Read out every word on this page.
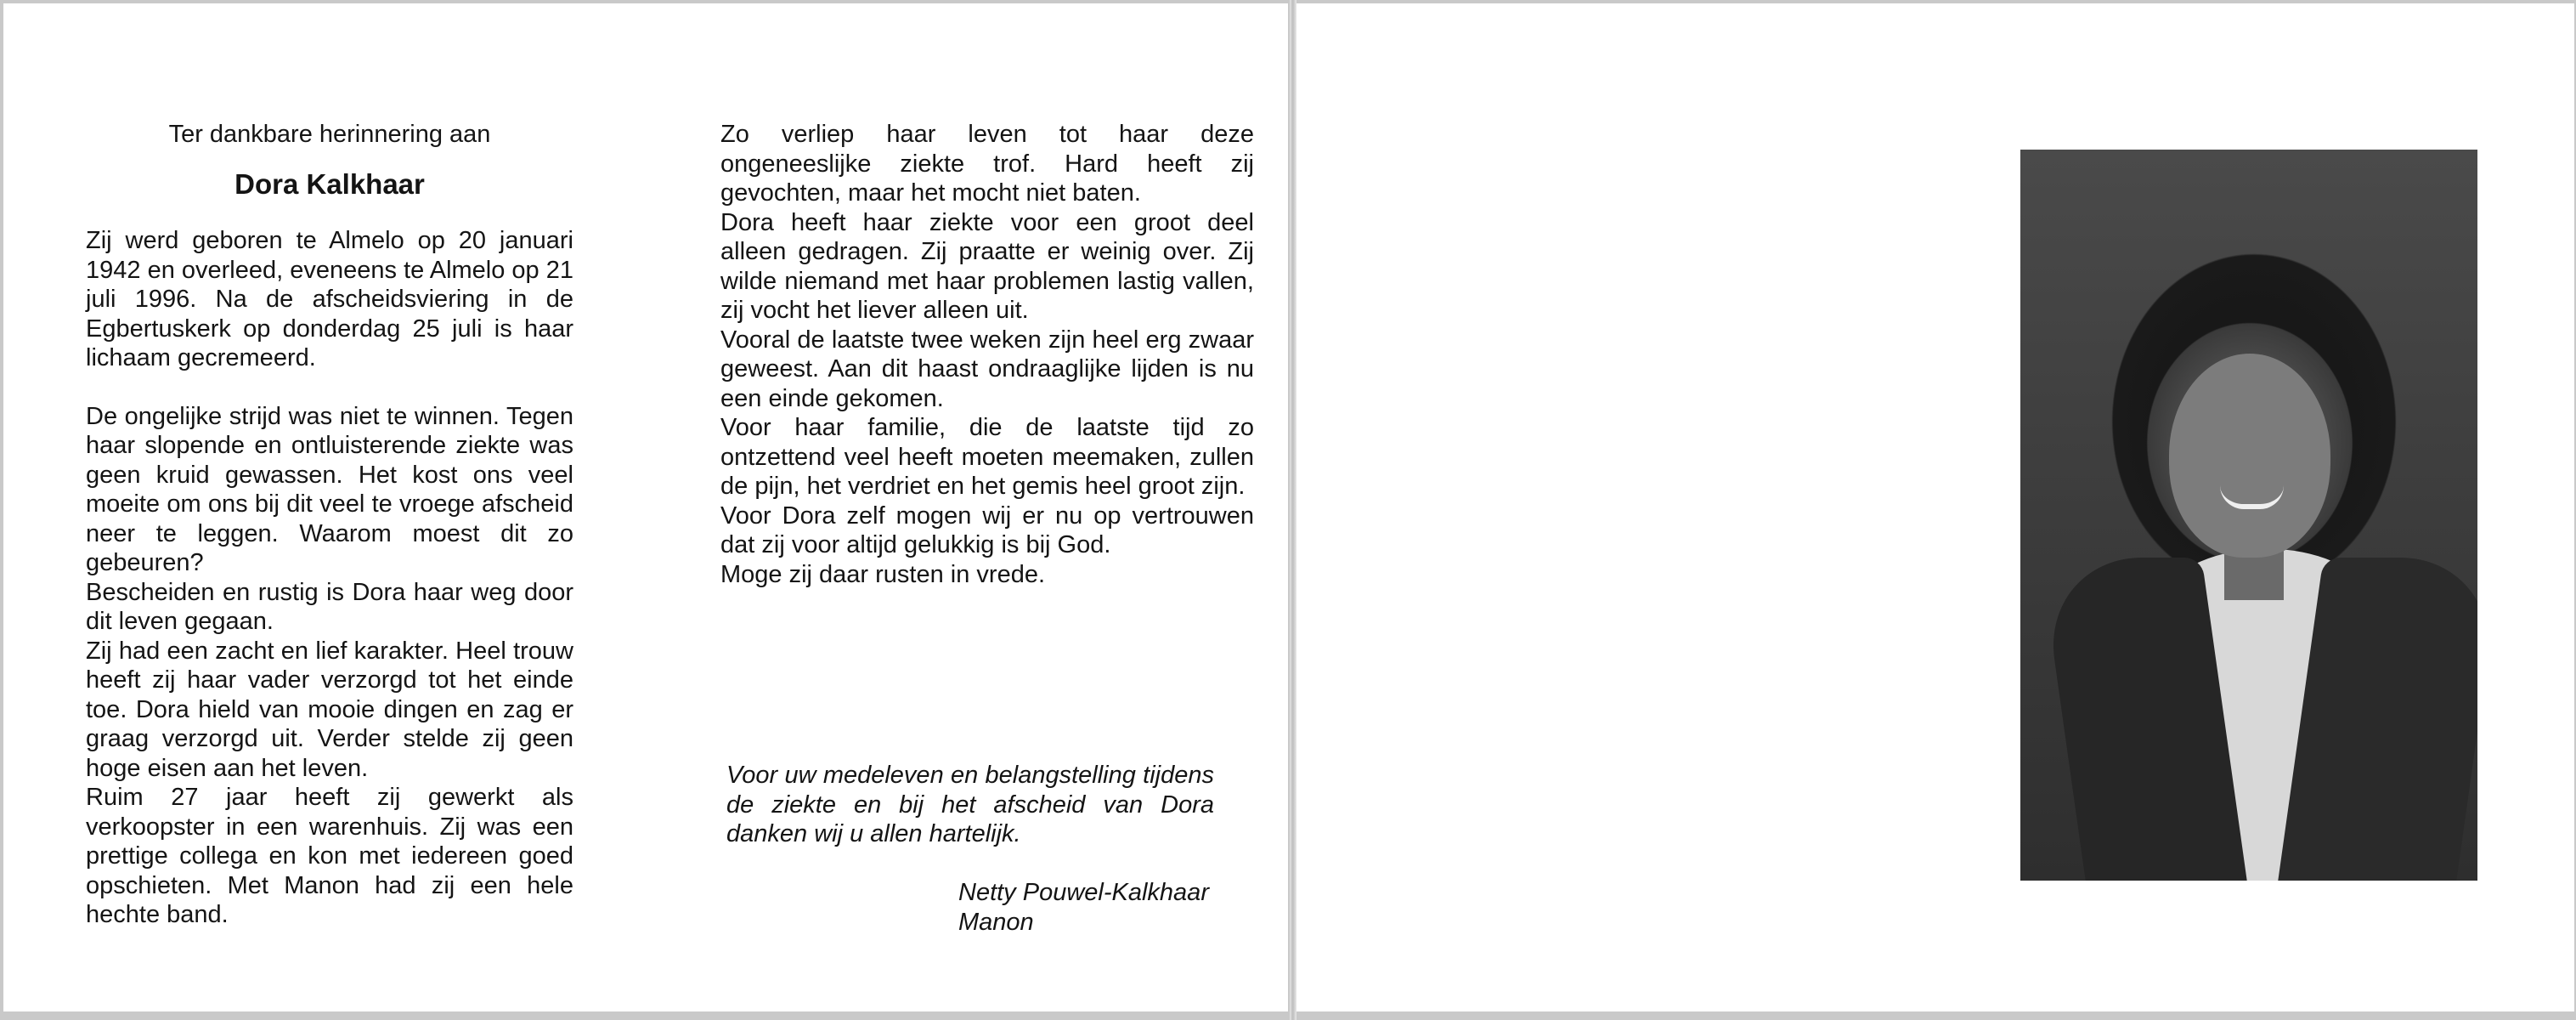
Ter dankbare herinnering aan
Dora Kalkhaar

Zij werd geboren te Almelo op 20 januari 1942 en overleed, eveneens te Almelo op 21 juli 1996. Na de afscheidsviering in de Egbertuskerk op donderdag 25 juli is haar lichaam gecremeerd.

De ongelijke strijd was niet te winnen. Tegen haar slopende en ontluisterende ziekte was geen kruid gewassen. Het kost ons veel moeite om ons bij dit veel te vroege afscheid neer te leggen. Waarom moest dit zo gebeuren?

Bescheiden en rustig is Dora haar weg door dit leven gegaan.

Zij had een zacht en lief karakter. Heel trouw heeft zij haar vader verzorgd tot het einde toe. Dora hield van mooie dingen en zag er graag verzorgd uit. Verder stelde zij geen hoge eisen aan het leven.

Ruim 27 jaar heeft zij gewerkt als verkoopster in een warenhuis. Zij was een prettige collega en kon met iedereen goed opschieten. Met Manon had zij een hele hechte band.

Zo verliep haar leven tot haar deze ongeneeslijke ziekte trof. Hard heeft zij gevochten, maar het mocht niet baten.

Dora heeft haar ziekte voor een groot deel alleen gedragen. Zij praatte er weinig over. Zij wilde niemand met haar problemen lastig vallen, zij vocht het liever alleen uit.

Vooral de laatste twee weken zijn heel erg zwaar geweest. Aan dit haast ondraaglijke lijden is nu een einde gekomen.

Voor haar familie, die de laatste tijd zo ontzettend veel heeft moeten meemaken, zullen de pijn, het verdriet en het gemis heel groot zijn.

Voor Dora zelf mogen wij er nu op vertrouwen dat zij voor altijd gelukkig is bij God.

Moge zij daar rusten in vrede.

Voor uw medeleven en belangstelling tijdens de ziekte en bij het afscheid van Dora danken wij u allen hartelijk.
Netty Pouwel-Kalkhaar
Manon
